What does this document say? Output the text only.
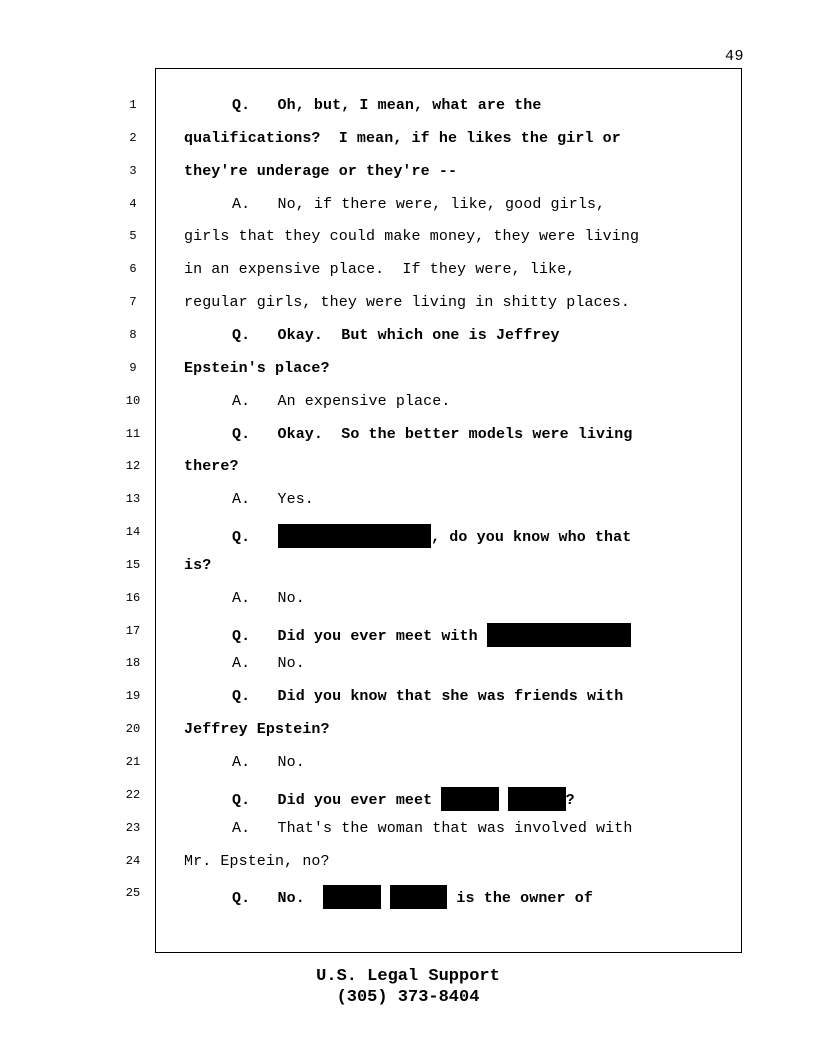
49
1	Q.   Oh, but, I mean, what are the
2	qualifications?  I mean, if he likes the girl or
3	they're underage or they're --
4	A.   No, if there were, like, good girls,
5	girls that they could make money, they were living
6	in an expensive place.  If they were, like,
7	regular girls, they were living in shitty places.
8	Q.   Okay.  But which one is Jeffrey
9	Epstein's place?
10	A.   An expensive place.
11	Q.   Okay.  So the better models were living
12	there?
13	A.   Yes.
14	Q.	, do you know who that
15	is?
16	A.   No.
17	Q.   Did you ever meet with
18	A.   No.
19	Q.   Did you know that she was friends with
20	Jeffrey Epstein?
21	A.   No.
22	Q.   Did you ever meet	?
23	A.   That's the woman that was involved with
24	Mr. Epstein, no?
25	Q.   No.	is the owner of
U.S. Legal Support
(305) 373-8404
